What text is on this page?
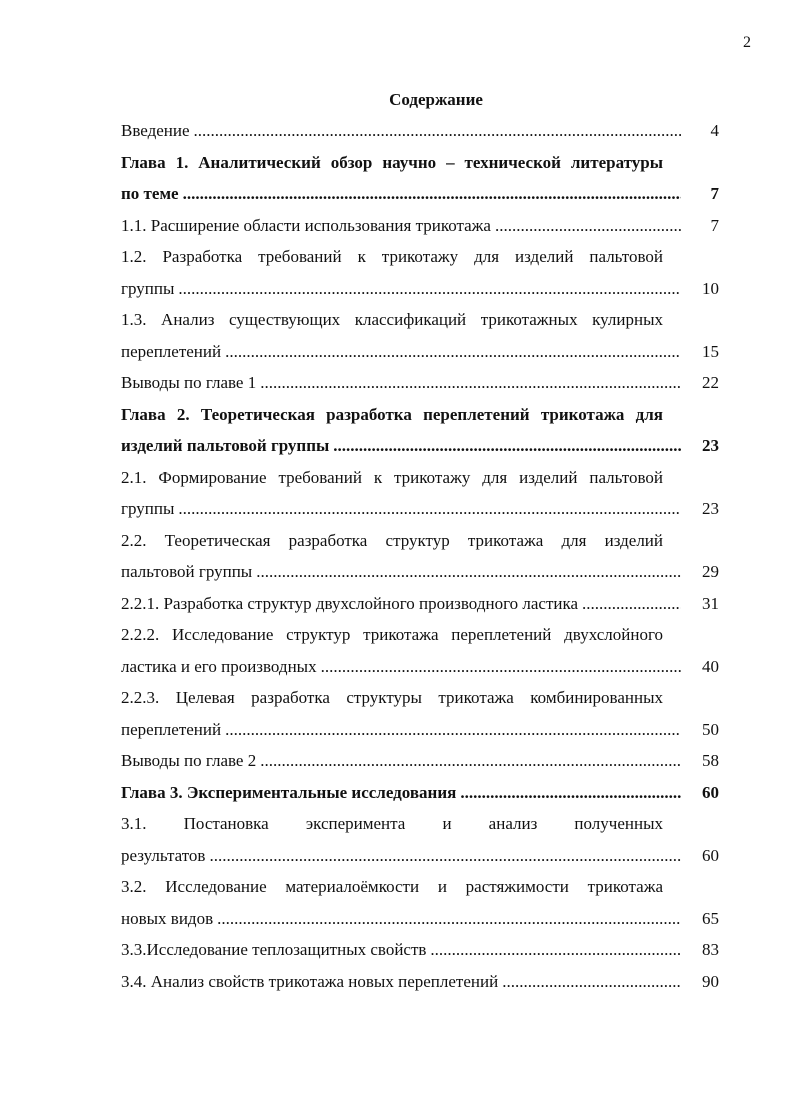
2
Содержание
Введение .....	4
Глава 1. Аналитический обзор научно – технической литературы
по теме .....	7
1.1. Расширение области использования трикотажа .....	7
1.2. Разработка требований к трикотажу для изделий пальтовой
группы .....	10
1.3. Анализ существующих классификаций трикотажных кулирных
переплетений .....	15
Выводы по главе 1 .....	22
Глава 2. Теоретическая разработка переплетений трикотажа для
изделий пальтовой группы .....	23
2.1. Формирование требований к трикотажу для изделий пальтовой
группы .....	23
2.2. Теоретическая разработка структур трикотажа для изделий
пальтовой группы .....	29
2.2.1. Разработка структур двухслойного производного ластика .....	31
2.2.2. Исследование структур трикотажа переплетений двухслойного
ластика и его производных .....	40
2.2.3. Целевая разработка структуры трикотажа комбинированных
переплетений .....	50
Выводы по главе 2 .....	58
Глава 3. Экспериментальные исследования .....	60
3.1. Постановка эксперимента и анализ полученных
результатов .....	60
3.2. Исследование материалоёмкости и растяжимости трикотажа
новых видов .....	65
3.3.Исследование теплозащитных свойств .....	83
3.4. Анализ свойств трикотажа новых переплетений .....	90
